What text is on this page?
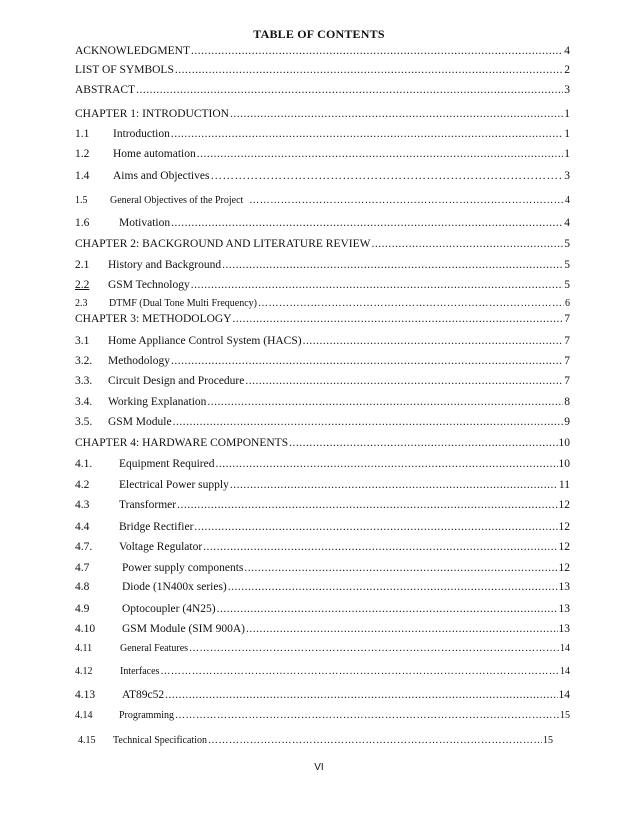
TABLE OF CONTENTS
ACKNOWLEDGMENT .....	4
LIST OF SYMBOLS .....	2
ABSTRACT .....	3
CHAPTER 1: INTRODUCTION .....	1
1.1	Introduction .....	1
1.2	Home automation .....	1
1.4	Aims and Objectives ……………………………………………………………………………………………………………………………………………………………………………………………	3
1.5	General Objectives of the Project ……………………………………………………………………………………………………………………………………………………………………………………………	4
1.6	Motivation .....	4
CHAPTER 2: BACKGROUND AND LITERATURE REVIEW .....	5
2.1	History and Background .....	5
2.2	GSM Technology .....	5
2.3	DTMF (Dual Tone Multi Frequency) ……………………………………………………………………………………………………………………………………………………………………………………………	6
CHAPTER 3: METHODOLOGY .....	7
3.1	Home Appliance Control System (HACS) .....	7
3.2.	Methodology .....	7
3.3.	Circuit Design and Procedure .....	7
3.4.	Working Explanation .....	8
3.5.	GSM Module .....	9
CHAPTER 4: HARDWARE COMPONENTS .....	10
4.1.	Equipment Required .....	10
4.2	Electrical Power supply .....	11
4.3	Transformer .....	12
4.4	Bridge Rectifier .....	12
4.7.	Voltage Regulator .....	12
4.7	Power supply components .....	12
4.8	Diode (1N400x series) .....	13
4.9	Optocoupler (4N25) .....	13
4.10	GSM Module (SIM 900A) .....	13
4.11	General Features ……………………………………………………………………………………………………………………………………………………………………………………………	14
4.12	Interfaces ……………………………………………………………………………………………………………………………………………………………………………………………	14
4.13	AT89c52 .....	14
4.14	Programming ……………………………………………………………………………………………………………………………………………………………………………………………	15
4.15	Technical Specification ……………………………………………………………………………………………………………………………………………………………………………………………	15
VI
